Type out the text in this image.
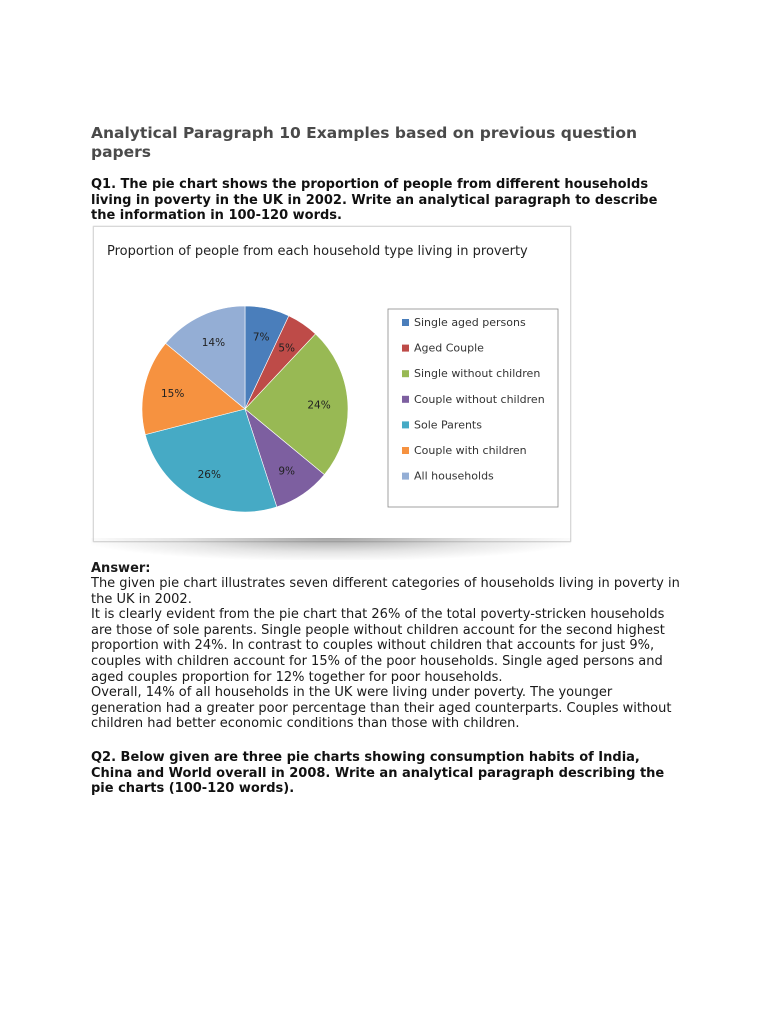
Analytical Paragraph 10 Examples based on previous question papers

Q1. The pie chart shows the proportion of people from different households living in poverty in the UK in 2002. Write an analytical paragraph to describe the information in 100-120 words.

Proportion of people from each household type living in proverty
7%
5%
24%
9%
26%
15%
14%
Single aged persons
Aged Couple
Single without children
Couple without children
Sole Parents
Couple with children
All households

Answer:

The given pie chart illustrates seven different categories of households living in poverty in the UK in 2002.

It is clearly evident from the pie chart that 26% of the total poverty-stricken households are those of sole parents. Single people without children account for the second highest proportion with 24%. In contrast to couples without children that accounts for just 9%, couples with children account for 15% of the poor households. Single aged persons and aged couples proportion for 12% together for poor households.

Overall, 14% of all households in the UK were living under poverty. The younger generation had a greater poor percentage than their aged counterparts. Couples without children had better economic conditions than those with children.

Q2. Below given are three pie charts showing consumption habits of India, China and World overall in 2008. Write an analytical paragraph describing the pie charts (100-120 words).
